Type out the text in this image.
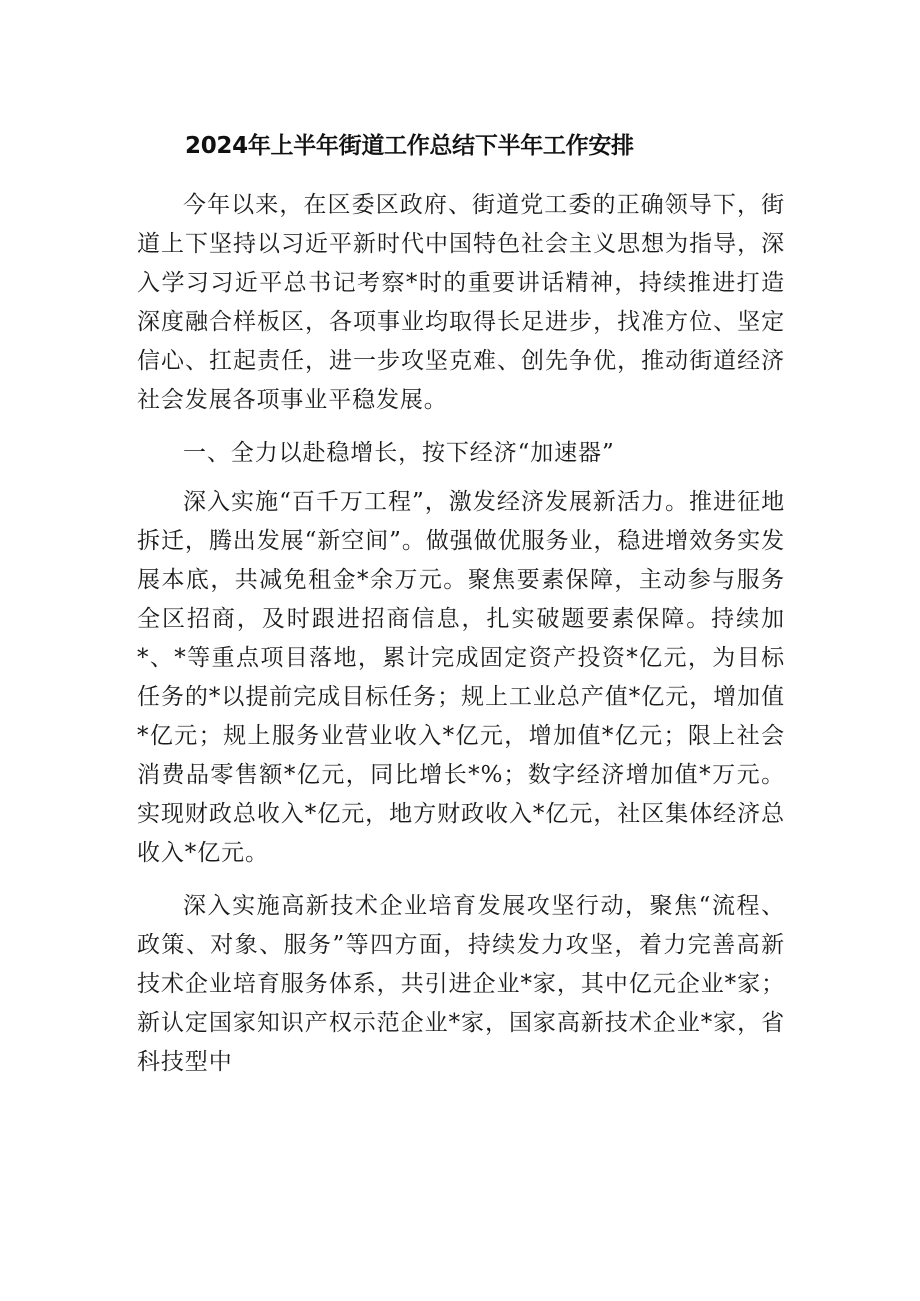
2024年上半年街道工作总结下半年工作安排

今年以来，在区委区政府、街道党工委的正确领导下，街道上下坚持以习近平新时代中国特色社会主义思想为指导，深入学习习近平总书记考察*时的重要讲话精神，持续推进打造深度融合样板区，各项事业均取得长足进步，找准方位、坚定信心、扛起责任，进一步攻坚克难、创先争优，推动街道经济社会发展各项事业平稳发展。

一、全力以赴稳增长，按下经济“加速器”

深入实施“百千万工程”，激发经济发展新活力。推进征地拆迁，腾出发展“新空间”。做强做优服务业，稳进增效务实发展本底，共减免租金*余万元。聚焦要素保障，主动参与服务全区招商，及时跟进招商信息，扎实破题要素保障。持续加*、*等重点项目落地，累计完成固定资产投资*亿元，为目标任务的*以提前完成目标任务；规上工业总产值*亿元，增加值*亿元；规上服务业营业收入*亿元，增加值*亿元；限上社会消费品零售额*亿元，同比增长*%；数字经济增加值*万元。实现财政总收入*亿元，地方财政收入*亿元，社区集体经济总收入*亿元。

深入实施高新技术企业培育发展攻坚行动，聚焦“流程、政策、对象、服务”等四方面，持续发力攻坚，着力完善高新技术企业培育服务体系，共引进企业*家，其中亿元企业*家；新认定国家知识产权示范企业*家，国家高新技术企业*家，省科技型中
